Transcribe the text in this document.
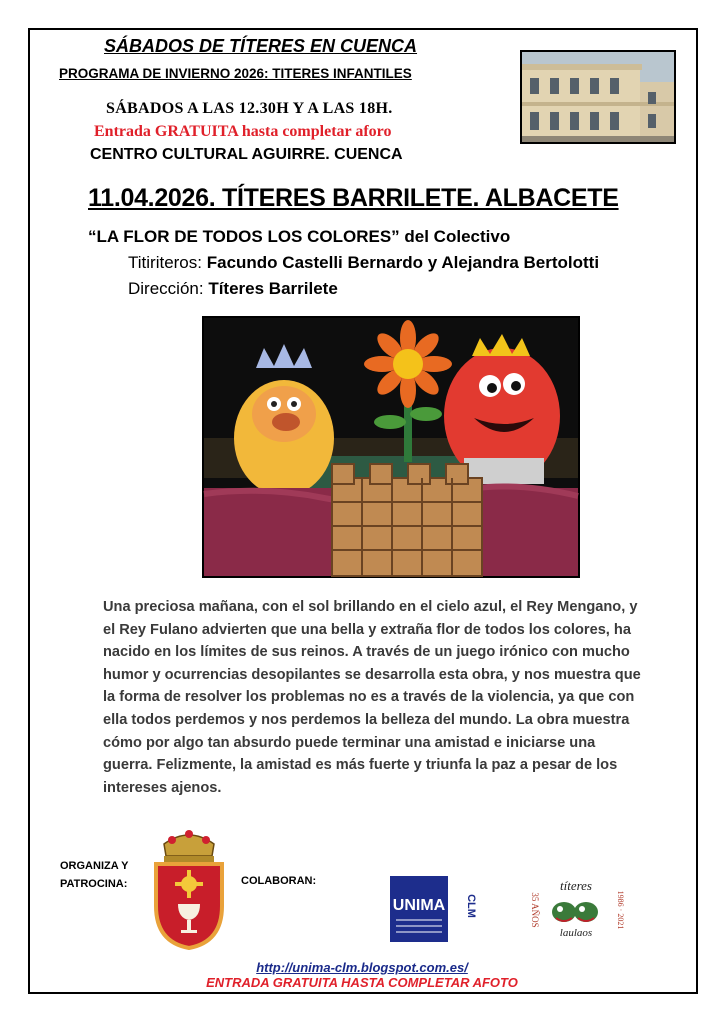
SÁBADOS DE TÍTERES EN CUENCA
PROGRAMA DE INVIERNO 2026: TITERES INFANTILES
SÁBADOS A LAS 12.30H Y A LAS 18H.
Entrada GRATUITA hasta completar aforo
CENTRO CULTURAL AGUIRRE. CUENCA
11.04.2026. TÍTERES BARRILETE. ALBACETE
“LA FLOR DE TODOS LOS COLORES” del Colectivo
Titiriteros: Facundo Castelli Bernardo y Alejandra Bertolotti
Dirección: Títeres Barrilete
Una preciosa mañana, con el sol brillando en el cielo azul, el Rey Mengano, y el Rey Fulano advierten que una bella y extraña flor de todos los colores, ha nacido en los límites de sus reinos. A través de un juego irónico con mucho humor y ocurrencias desopilantes se desarrolla esta obra, y nos muestra que la forma de resolver los problemas no es a través de la violencia, ya que con ella todos perdemos y nos perdemos la belleza del mundo. La obra muestra cómo por algo tan absurdo puede terminar una amistad e iniciarse una guerra. Felizmente, la amistad es más fuerte y triunfa la paz a pesar de los intereses ajenos.
ORGANIZA Y
PATROCINA:	COLABORAN:
UNIMA CLM	35 AÑOS
títeres
laulaos
1986 · 2021
http://unima-clm.blogspot.com.es/
ENTRADA GRATUITA HASTA COMPLETAR AFOTO
